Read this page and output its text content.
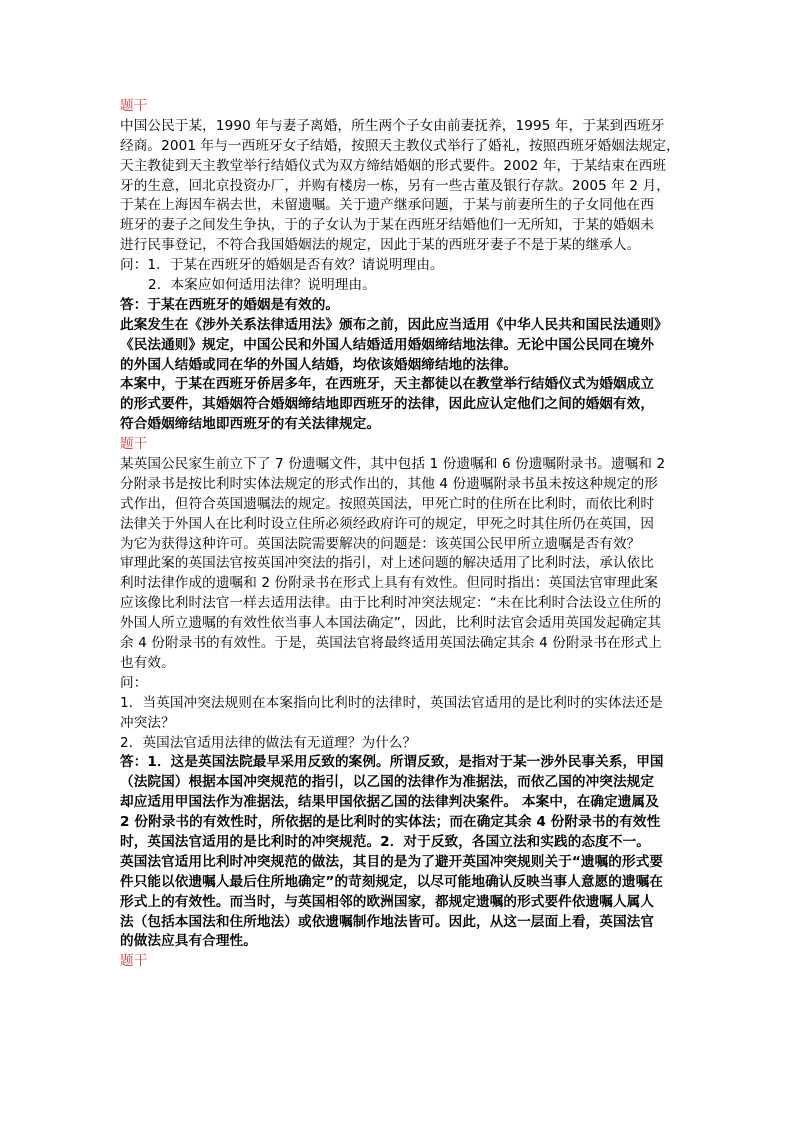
题干
中国公民于某，1990 年与妻子离婚，所生两个子女由前妻抚养，1995 年，于某到西班牙
经商。2001 年与一西班牙女子结婚，按照天主教仪式举行了婚礼，按照西班牙婚姻法规定，
天主教徒到天主教堂举行结婚仪式为双方缔结婚姻的形式要件。2002 年，于某结束在西班
牙的生意，回北京投资办厂，并购有楼房一栋，另有一些古董及银行存款。2005 年 2 月，
于某在上海因车祸去世，未留遗嘱。关于遗产继承问题，于某与前妻所生的子女同他在西
班牙的妻子之间发生争执，于的子女认为于某在西班牙结婚他们一无所知，于某的婚姻未
进行民事登记，不符合我国婚姻法的规定，因此于某的西班牙妻子不是于某的继承人。
问：1．于某在西班牙的婚姻是否有效？请说明理由。
2．本案应如何适用法律？说明理由。
答：于某在西班牙的婚姻是有效的。
此案发生在《涉外关系法律适用法》颁布之前，因此应当适用《中华人民共和国民法通则》
《民法通则》规定，中国公民和外国人结婚适用婚姻缔结地法律。无论中国公民同在境外
的外国人结婚或同在华的外国人结婚，均依该婚姻缔结地的法律。
本案中，于某在西班牙侨居多年，在西班牙，天主都徒以在教堂举行结婚仪式为婚姻成立
的形式要件，其婚姻符合婚姻缔结地即西班牙的法律，因此应认定他们之间的婚姻有效，
符合婚姻缔结地即西班牙的有关法律规定。
题干
某英国公民家生前立下了 7 份遗嘱文件，其中包括 1 份遗嘱和 6 份遗嘱附录书。遗嘱和 2
分附录书是按比利时实体法规定的形式作出的，其他 4 份遗嘱附录书虽未按这种规定的形
式作出，但符合英国遗嘱法的规定。按照英国法，甲死亡时的住所在比利时，而依比利时
法律关于外国人在比利时设立住所必须经政府许可的规定，甲死之时其住所仍在英国，因
为它为获得这种许可。英国法院需要解决的问题是：该英国公民甲所立遗嘱是否有效？
审理此案的英国法官按英国冲突法的指引，对上述问题的解决适用了比利时法，承认依比
利时法律作成的遗嘱和 2 份附录书在形式上具有有效性。但同时指出：英国法官审理此案
应该像比利时法官一样去适用法律。由于比利时冲突法规定：“未在比利时合法设立住所的
外国人所立遗嘱的有效性依当事人本国法确定”，因此，比利时法官会适用英国发起确定其
余 4 份附录书的有效性。于是，英国法官将最终适用英国法确定其余 4 份附录书在形式上
也有效。
问：
1．当英国冲突法规则在本案指向比利时的法律时，英国法官适用的是比利时的实体法还是
冲突法？
2．英国法官适用法律的做法有无道理？为什么？
答：1．这是英国法院最早采用反致的案例。所谓反致，是指对于某一涉外民事关系，甲国
（法院国）根据本国冲突规范的指引，以乙国的法律作为准据法，而依乙国的冲突法规定
却应适用甲国法作为准据法，结果甲国依据乙国的法律判决案件。 本案中，在确定遗属及
2 份附录书的有效性时，所依据的是比利时的实体法；而在确定其余 4 份附录书的有效性
时，英国法官适用的是比利时的冲突规范。2．对于反致，各国立法和实践的态度不一。
英国法官适用比利时冲突规范的做法，其目的是为了避开英国冲突规则关于“遗嘱的形式要
件只能以依遗嘱人最后住所地确定”的苛刻规定，以尽可能地确认反映当事人意愿的遗嘱在
形式上的有效性。而当时，与英国相邻的欧洲国家，都规定遗嘱的形式要件依遗嘱人属人
法（包括本国法和住所地法）或依遗嘱制作地法皆可。因此，从这一层面上看，英国法官
的做法应具有合理性。
题干
